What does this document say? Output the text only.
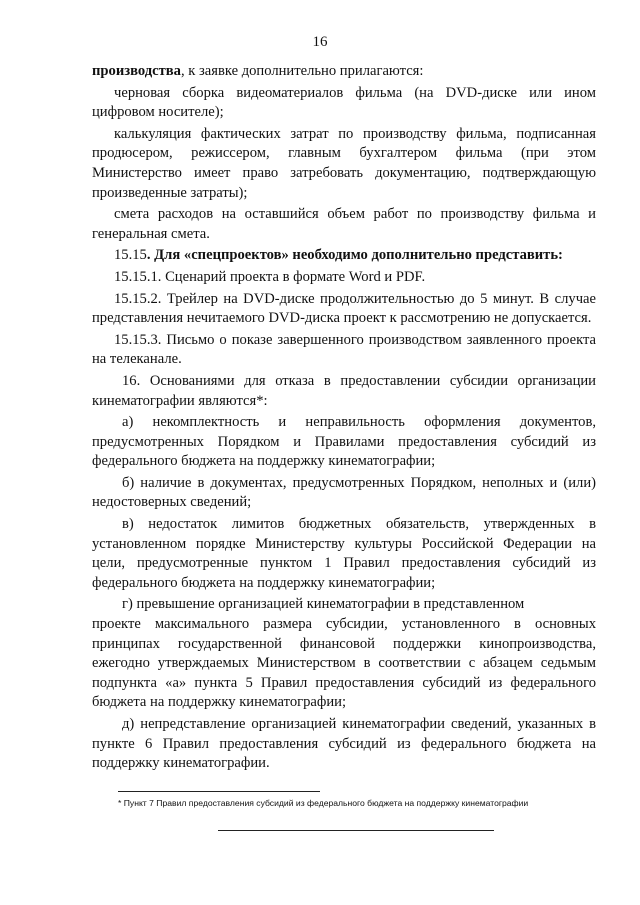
16

производства, к заявке дополнительно прилагаются:

черновая сборка видеоматериалов фильма (на DVD-диске или ином цифровом носителе);

калькуляция фактических затрат по производству фильма, подписанная продюсером, режиссером, главным бухгалтером фильма (при этом Министерство имеет право затребовать документацию, подтверждающую произведенные затраты);

смета расходов на оставшийся объем работ по производству фильма и генеральная смета.

15.15. Для «спецпроектов» необходимо дополнительно представить:

15.15.1. Сценарий проекта в формате Word и PDF.

15.15.2. Трейлер на DVD-диске продолжительностью до 5 минут. В случае представления нечитаемого DVD-диска проект к рассмотрению не допускается.

15.15.3. Письмо о показе завершенного производством заявленного проекта на телеканале.

16. Основаниями для отказа в предоставлении субсидии организации кинематографии являются*:

а) некомплектность и неправильность оформления документов, предусмотренных Порядком и Правилами предоставления субсидий из федерального бюджета на поддержку кинематографии;

б) наличие в документах, предусмотренных Порядком, неполных и (или) недостоверных сведений;

в) недостаток лимитов бюджетных обязательств, утвержденных в установленном порядке Министерству культуры Российской Федерации на цели, предусмотренные пунктом 1 Правил предоставления субсидий из федерального бюджета на поддержку кинематографии;

г) превышение организацией кинематографии в представленном

проекте максимального размера субсидии, установленного в основных принципах государственной финансовой поддержки кинопроизводства, ежегодно утверждаемых Министерством в соответствии с абзацем седьмым подпункта «а» пункта 5 Правил предоставления субсидий из федерального бюджета на поддержку кинематографии;

д) непредставление организацией кинематографии сведений, указанных в пункте 6 Правил предоставления субсидий из федерального бюджета на поддержку кинематографии.

* Пункт 7 Правил предоставления субсидий из федерального бюджета на поддержку кинематографии
